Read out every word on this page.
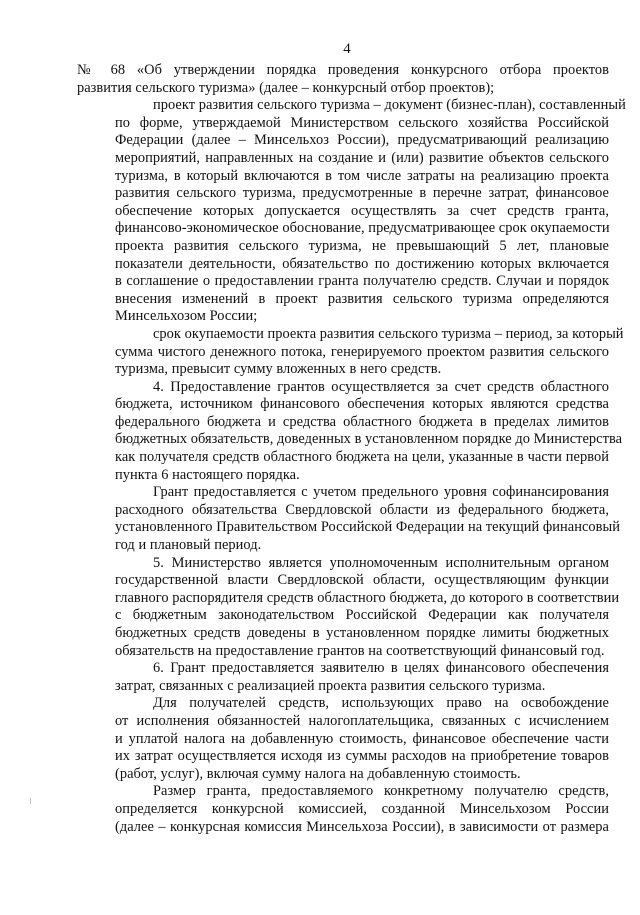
4
№ 68 «Об утверждении порядка проведения конкурсного отбора проектов
развития сельского туризма» (далее – конкурсный отбор проектов);
проект развития сельского туризма – документ (бизнес-план), составленный
по форме, утверждаемой Министерством сельского хозяйства Российской
Федерации (далее – Минсельхоз России), предусматривающий реализацию
мероприятий, направленных на создание и (или) развитие объектов сельского
туризма, в который включаются в том числе затраты на реализацию проекта
развития сельского туризма, предусмотренные в перечне затрат, финансовое
обеспечение которых допускается осуществлять за счет средств гранта,
финансово-экономическое обоснование, предусматривающее срок окупаемости
проекта развития сельского туризма, не превышающий 5 лет, плановые
показатели деятельности, обязательство по достижению которых включается
в соглашение о предоставлении гранта получателю средств. Случаи и порядок
внесения изменений в проект развития сельского туризма определяются
Минсельхозом России;
срок окупаемости проекта развития сельского туризма – период, за который
сумма чистого денежного потока, генерируемого проектом развития сельского
туризма, превысит сумму вложенных в него средств.
4. Предоставление грантов осуществляется за счет средств областного
бюджета, источником финансового обеспечения которых являются средства
федерального бюджета и средства областного бюджета в пределах лимитов
бюджетных обязательств, доведенных в установленном порядке до Министерства
как получателя средств областного бюджета на цели, указанные в части первой
пункта 6 настоящего порядка.
Грант предоставляется с учетом предельного уровня софинансирования
расходного обязательства Свердловской области из федерального бюджета,
установленного Правительством Российской Федерации на текущий финансовый
год и плановый период.
5. Министерство является уполномоченным исполнительным органом
государственной власти Свердловской области, осуществляющим функции
главного распорядителя средств областного бюджета, до которого в соответствии
с бюджетным законодательством Российской Федерации как получателя
бюджетных средств доведены в установленном порядке лимиты бюджетных
обязательств на предоставление грантов на соответствующий финансовый год.
6. Грант предоставляется заявителю в целях финансового обеспечения
затрат, связанных с реализацией проекта развития сельского туризма.
Для получателей средств, использующих право на освобождение
от исполнения обязанностей налогоплательщика, связанных с исчислением
и уплатой налога на добавленную стоимость, финансовое обеспечение части
их затрат осуществляется исходя из суммы расходов на приобретение товаров
(работ, услуг), включая сумму налога на добавленную стоимость.
Размер гранта, предоставляемого конкретному получателю средств,
определяется конкурсной комиссией, созданной Минсельхозом России
(далее – конкурсная комиссия Минсельхоза России), в зависимости от размера
